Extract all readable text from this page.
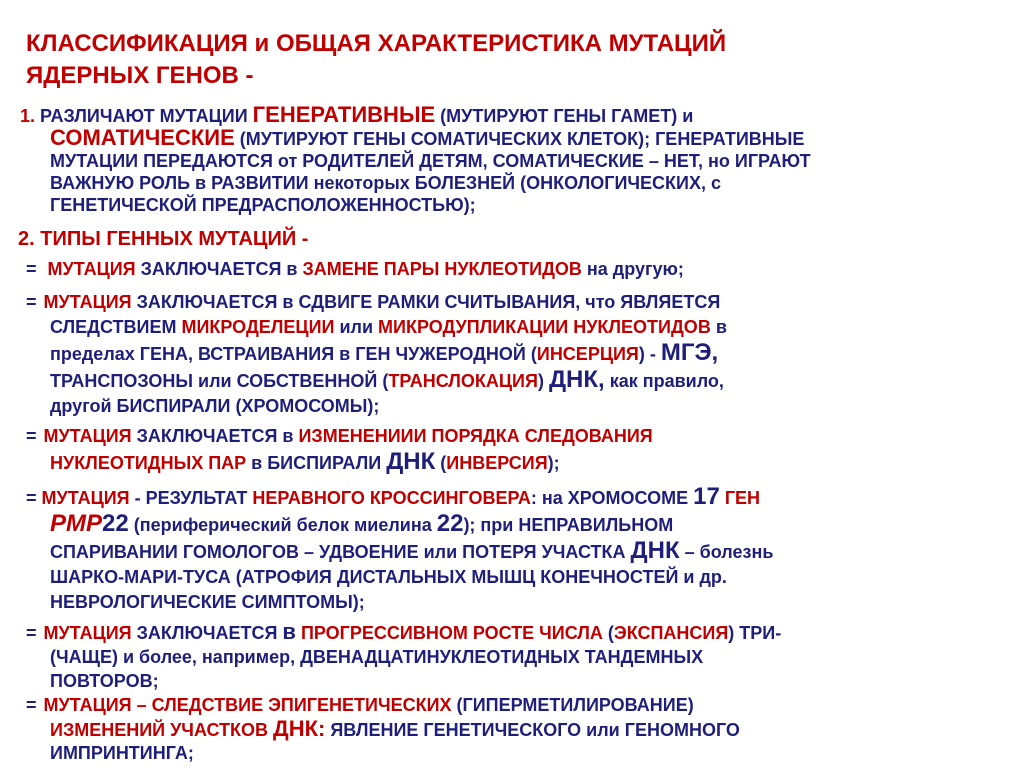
КЛАССИФИКАЦИЯ и ОБЩАЯ ХАРАКТЕРИСТИКА МУТАЦИЙ
ЯДЕРНЫХ ГЕНОВ -
1. РАЗЛИЧАЮТ МУТАЦИИ ГЕНЕРАТИВНЫЕ (МУТИРУЮТ ГЕНЫ ГАМЕТ) и
СОМАТИЧЕСКИЕ (МУТИРУЮТ ГЕНЫ СОМАТИЧЕСКИХ КЛЕТОК); ГЕНЕРАТИВНЫЕ
МУТАЦИИ ПЕРЕДАЮТСЯ от РОДИТЕЛЕЙ ДЕТЯМ, СОМАТИЧЕСКИЕ – НЕТ, но ИГРАЮТ
ВАЖНУЮ РОЛЬ в РАЗВИТИИ некоторых БОЛЕЗНЕЙ (ОНКОЛОГИЧЕСКИХ, с
ГЕНЕТИЧЕСКОЙ ПРЕДРАСПОЛОЖЕННОСТЬЮ);
2. ТИПЫ ГЕННЫХ МУТАЦИЙ -
= МУТАЦИЯ ЗАКЛЮЧАЕТСЯ в ЗАМЕНЕ ПАРЫ НУКЛЕОТИДОВ на другую;
= МУТАЦИЯ ЗАКЛЮЧАЕТСЯ в СДВИГЕ РАМКИ СЧИТЫВАНИЯ, что ЯВЛЯЕТСЯ
СЛЕДСТВИЕМ МИКРОДЕЛЕЦИИ или МИКРОДУПЛИКАЦИИ НУКЛЕОТИДОВ в
пределах ГЕНА, ВСТРАИВАНИЯ в ГЕН ЧУЖЕРОДНОЙ (ИНСЕРЦИЯ) - МГЭ,
ТРАНСПОЗОНЫ или СОБСТВЕННОЙ (ТРАНСЛОКАЦИЯ) ДНК, как правило,
другой БИСПИРАЛИ (ХРОМОСОМЫ);
= МУТАЦИЯ ЗАКЛЮЧАЕТСЯ в ИЗМЕНЕНИИИ ПОРЯДКА СЛЕДОВАНИЯ
НУКЛЕОТИДНЫХ ПАР в БИСПИРАЛИ ДНК (ИНВЕРСИЯ);
= МУТАЦИЯ - РЕЗУЛЬТАТ НЕРАВНОГО КРОССИНГОВЕРА: на ХРОМОСОМЕ 17 ГЕН
РМР22 (периферический белок миелина 22); при НЕПРАВИЛЬНОМ
СПАРИВАНИИ ГОМОЛОГОВ – УДВОЕНИЕ или ПОТЕРЯ УЧАСТКА ДНК – болезнь
ШАРКО-МАРИ-ТУСА (АТРОФИЯ ДИСТАЛЬНЫХ МЫШЦ КОНЕЧНОСТЕЙ и др.
НЕВРОЛОГИЧЕСКИЕ СИМПТОМЫ);
= МУТАЦИЯ ЗАКЛЮЧАЕТСЯ в ПРОГРЕССИВНОМ РОСТЕ ЧИСЛА (ЭКСПАНСИЯ) ТРИ-
(ЧАЩЕ) и более, например, ДВЕНАДЦАТИНУКЛЕОТИДНЫХ ТАНДЕМНЫХ
ПОВТОРОВ;
= МУТАЦИЯ – СЛЕДСТВИЕ ЭПИГЕНЕТИЧЕСКИХ (ГИПЕРМЕТИЛИРОВАНИЕ)
ИЗМЕНЕНИЙ УЧАСТКОВ ДНК: ЯВЛЕНИЕ ГЕНЕТИЧЕСКОГО или ГЕНОМНОГО
ИМПРИНТИНГА;
